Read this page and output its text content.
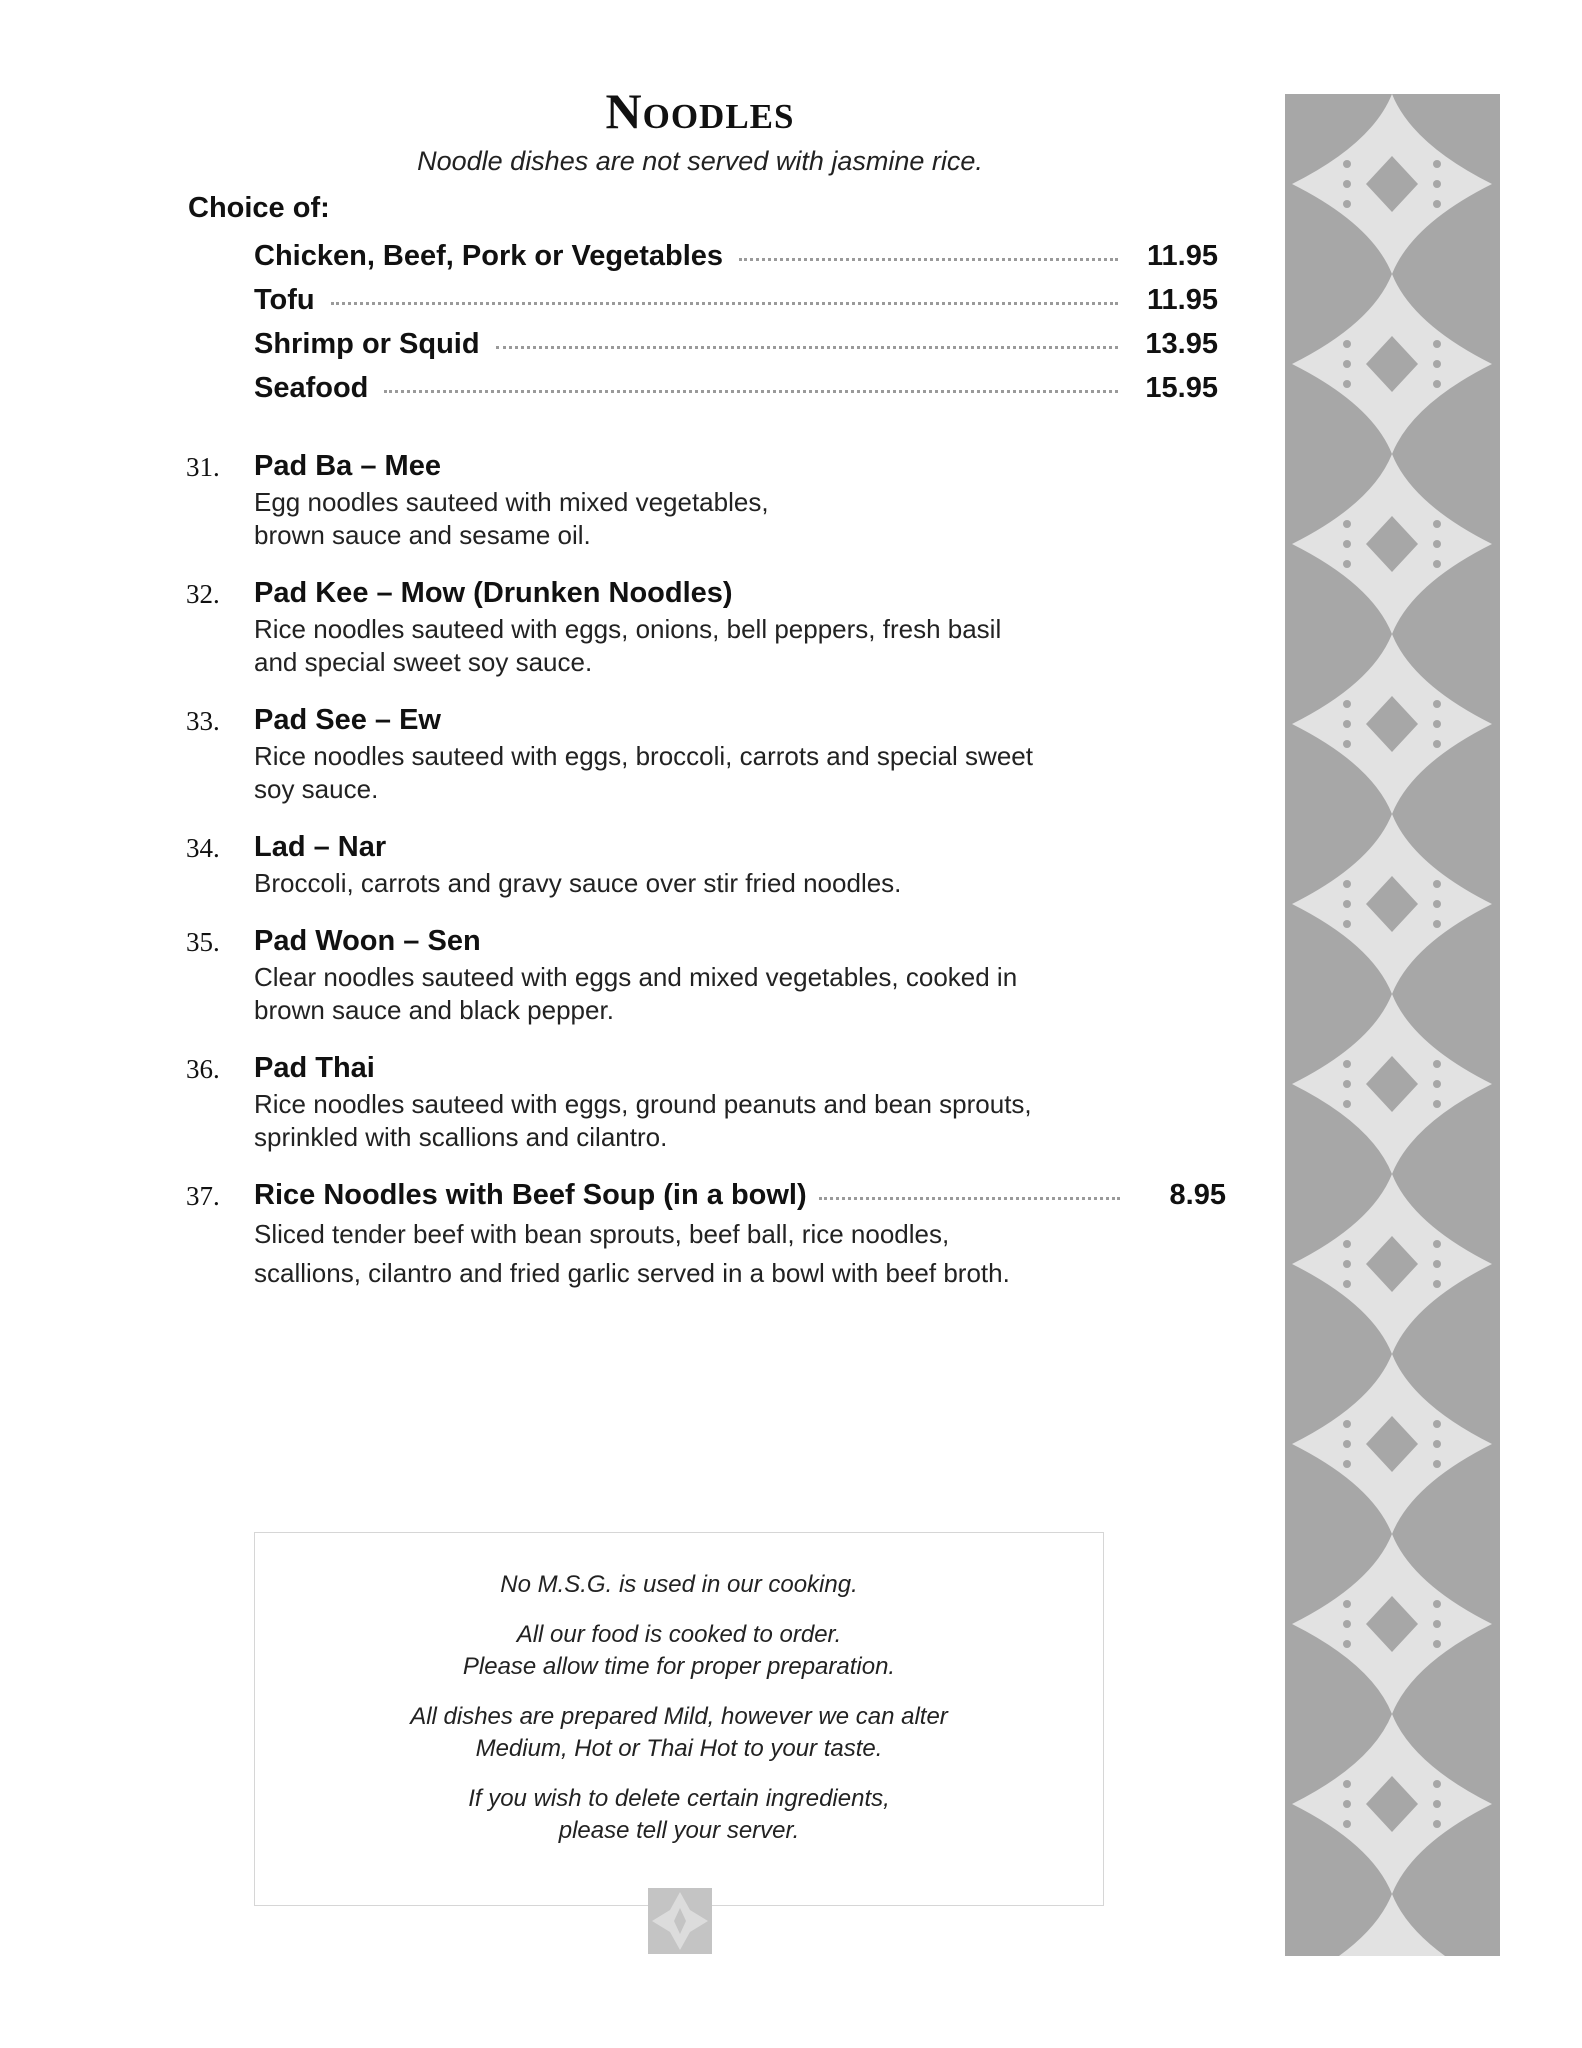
Noodles
Noodle dishes are not served with jasmine rice.
Choice of:
Chicken, Beef, Pork or Vegetables	11.95
Tofu	11.95
Shrimp or Squid	13.95
Seafood	15.95
31. Pad Ba – Mee
Egg noodles sauteed with mixed vegetables,
brown sauce and sesame oil.
32. Pad Kee – Mow (Drunken Noodles)
Rice noodles sauteed with eggs, onions, bell peppers, fresh basil
and special sweet soy sauce.
33. Pad See – Ew
Rice noodles sauteed with eggs, broccoli, carrots and special sweet
soy sauce.
34. Lad – Nar
Broccoli, carrots and gravy sauce over stir fried noodles.
35. Pad Woon – Sen
Clear noodles sauteed with eggs and mixed vegetables, cooked in
brown sauce and black pepper.
36. Pad Thai
Rice noodles sauteed with eggs, ground peanuts and bean sprouts,
sprinkled with scallions and cilantro.
37. Rice Noodles with Beef Soup (in a bowl)	8.95
Sliced tender beef with bean sprouts, beef ball, rice noodles,
scallions, cilantro and fried garlic served in a bowl with beef broth.

No M.S.G. is used in our cooking.

All our food is cooked to order.
Please allow time for proper preparation.

All dishes are prepared Mild, however we can alter
Medium, Hot or Thai Hot to your taste.

If you wish to delete certain ingredients,
please tell your server.
